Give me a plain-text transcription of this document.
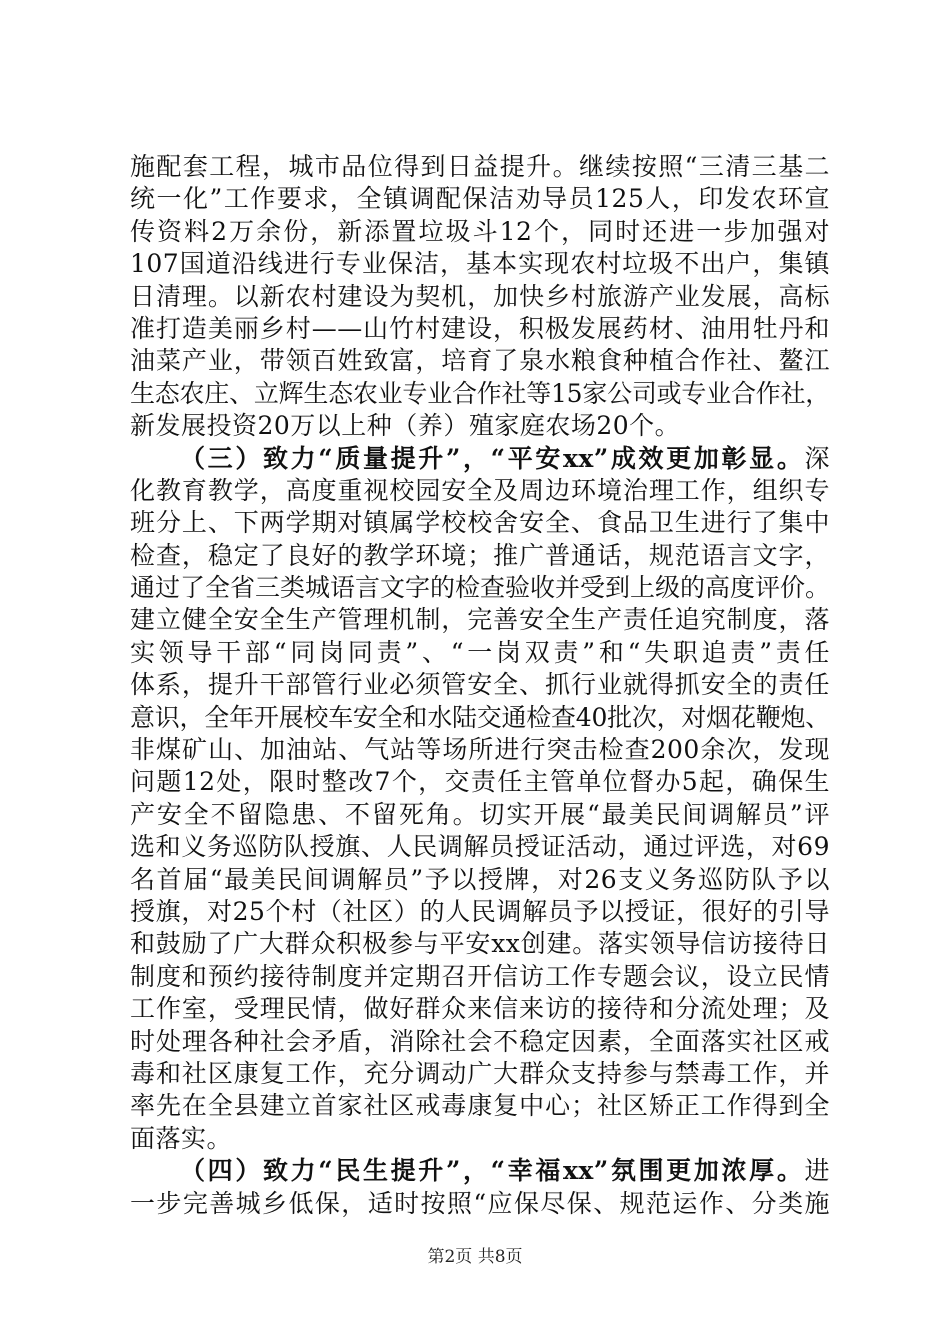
施配套工程，城市品位得到日益提升。继续按照“三清三基二
统一化”工作要求，全镇调配保洁劝导员125人，印发农环宣
传资料2万余份，新添置垃圾斗12个，同时还进一步加强对
107国道沿线进行专业保洁，基本实现农村垃圾不出户，集镇
日清理。以新农村建设为契机，加快乡村旅游产业发展，高标
准打造美丽乡村——山竹村建设，积极发展药材、油用牡丹和
油菜产业，带领百姓致富，培育了泉水粮食种植合作社、鳌江
生态农庄、立辉生态农业专业合作社等15家公司或专业合作社，
新发展投资20万以上种（养）殖家庭农场20个。
（三）致力“质量提升”，“平安xx”成效更加彰显。深
化教育教学，高度重视校园安全及周边环境治理工作，组织专
班分上、下两学期对镇属学校校舍安全、食品卫生进行了集中
检查，稳定了良好的教学环境；推广普通话，规范语言文字，
通过了全省三类城语言文字的检查验收并受到上级的高度评价。
建立健全安全生产管理机制，完善安全生产责任追究制度，落
实领导干部“同岗同责”、“一岗双责”和“失职追责”责任
体系，提升干部管行业必须管安全、抓行业就得抓安全的责任
意识，全年开展校车安全和水陆交通检查40批次，对烟花鞭炮、
非煤矿山、加油站、气站等场所进行突击检查200余次，发现
问题12处，限时整改7个，交责任主管单位督办5起，确保生
产安全不留隐患、不留死角。切实开展“最美民间调解员”评
选和义务巡防队授旗、人民调解员授证活动，通过评选，对69
名首届“最美民间调解员”予以授牌，对26支义务巡防队予以
授旗，对25个村（社区）的人民调解员予以授证，很好的引导
和鼓励了广大群众积极参与平安xx创建。落实领导信访接待日
制度和预约接待制度并定期召开信访工作专题会议，设立民情
工作室，受理民情，做好群众来信来访的接待和分流处理；及
时处理各种社会矛盾，消除社会不稳定因素，全面落实社区戒
毒和社区康复工作，充分调动广大群众支持参与禁毒工作，并
率先在全县建立首家社区戒毒康复中心；社区矫正工作得到全
面落实。
（四）致力“民生提升”，“幸福xx”氛围更加浓厚。进
一步完善城乡低保，适时按照“应保尽保、规范运作、分类施
第2页 共8页
